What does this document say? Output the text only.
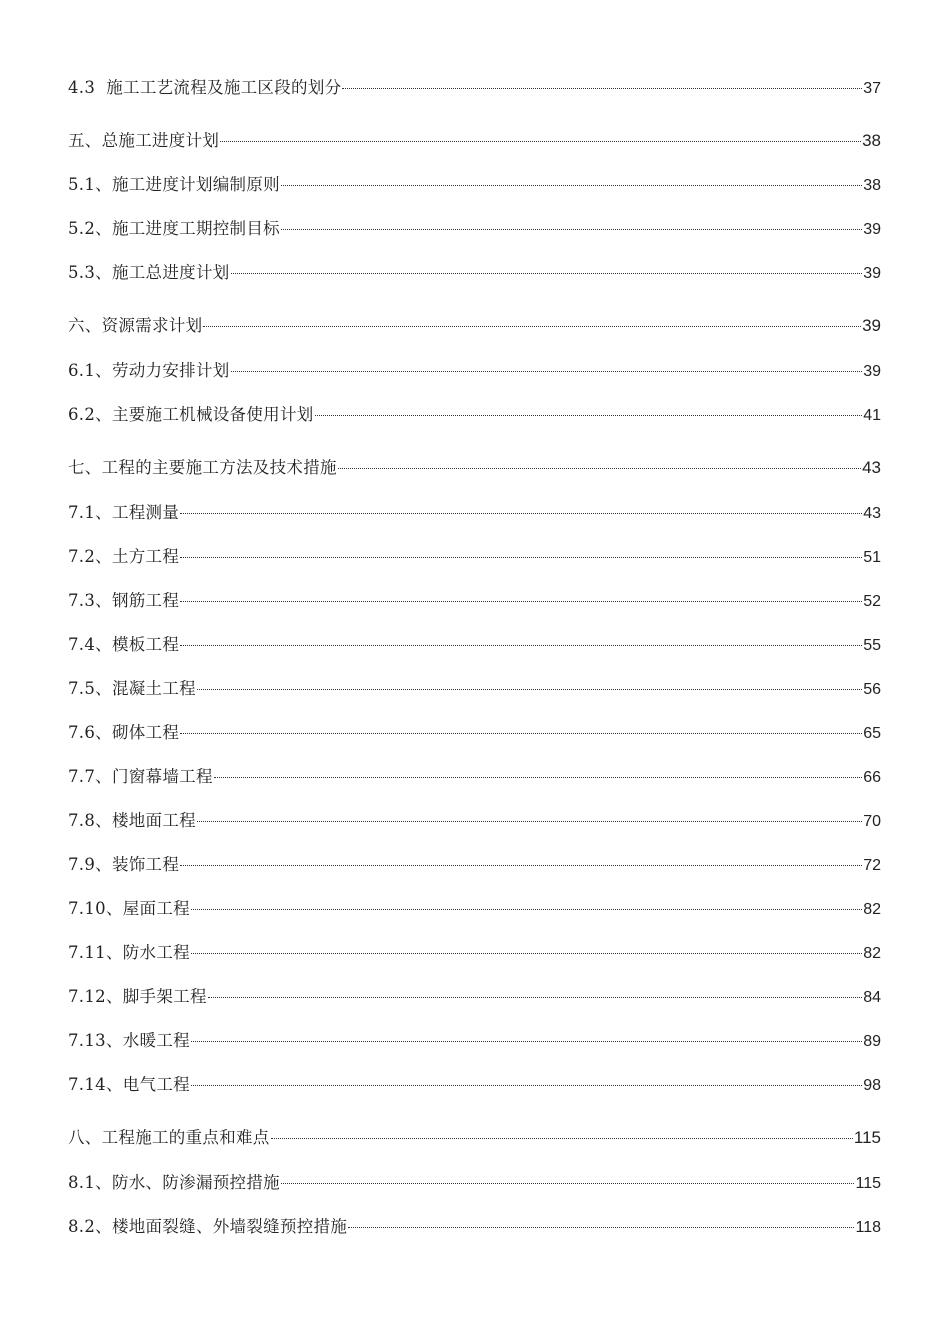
4.3  施工工艺流程及施工区段的划分	37
五、总施工进度计划	38
5.1、施工进度计划编制原则	38
5.2、施工进度工期控制目标	39
5.3、施工总进度计划	39
六、资源需求计划	39
6.1、劳动力安排计划	39
6.2、主要施工机械设备使用计划	41
七、工程的主要施工方法及技术措施	43
7.1、工程测量	43
7.2、土方工程	51
7.3、钢筋工程	52
7.4、模板工程	55
7.5、混凝土工程	56
7.6、砌体工程	65
7.7、门窗幕墙工程	66
7.8、楼地面工程	70
7.9、装饰工程	72
7.10、屋面工程	82
7.11、防水工程	82
7.12、脚手架工程	84
7.13、水暖工程	89
7.14、电气工程	98
八、工程施工的重点和难点	115
8.1、防水、防渗漏预控措施	115
8.2、楼地面裂缝、外墙裂缝预控措施	118
